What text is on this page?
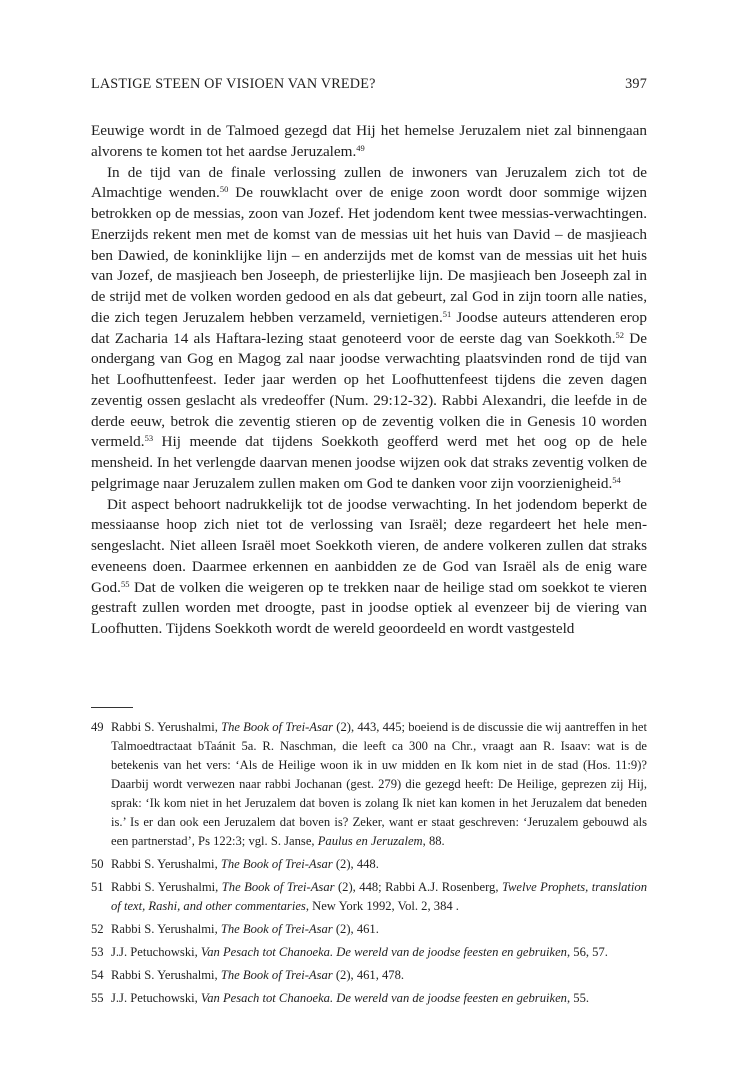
LASTIGE STEEN OF VISIOEN VAN VREDE?	397

Eeuwige wordt in de Talmoed gezegd dat Hij het hemelse Jeruzalem niet zal binnengaan alvorens te komen tot het aardse Jeruzalem.$^{49}$

In de tijd van de finale verlossing zullen de inwoners van Jeruzalem zich tot de Almachtige wenden.$^{50}$ De rouwklacht over de enige zoon wordt door sommige wijzen betrokken op de messias, zoon van Jozef. Het jodendom kent twee messias-verwachtingen. Enerzijds rekent men met de komst van de messias uit het huis van David – de masjieach ben Dawied, de koninklijke lijn – en anderzijds met de komst van de messias uit het huis van Jozef, de masjieach ben Joseeph, de priesterlijke lijn. De masjieach ben Joseeph zal in de strijd met de volken worden gedood en als dat gebeurt, zal God in zijn toorn alle naties, die zich tegen Jeruzalem hebben verzameld, vernietigen.$^{51}$ Joodse auteurs attenderen erop dat Zacharia 14 als Haftara-lezing staat genoteerd voor de eerste dag van Soekkoth.$^{52}$ De ondergang van Gog en Magog zal naar joodse verwachting plaatsvinden rond de tijd van het Loofhuttenfeest. Ieder jaar werden op het Loofhuttenfeest tijdens die zeven dagen zeventig ossen geslacht als vredeoffer (Num. 29:12-32). Rabbi Alexandri, die leefde in de derde eeuw, betrok die zeventig stieren op de zeventig volken die in Genesis 10 worden vermeld.$^{53}$ Hij meende dat tijdens Soekkoth geofferd werd met het oog op de hele mensheid. In het verlengde daarvan menen joodse wijzen ook dat straks zeventig volken de pelgrimage naar Jeruzalem zullen maken om God te danken voor zijn voorzienigheid.$^{54}$

Dit aspect behoort nadrukkelijk tot de joodse verwachting. In het jodendom beperkt de messiaanse hoop zich niet tot de verlossing van Israël; deze regardeert het hele mensengeslacht. Niet alleen Israël moet Soekkoth vieren, de andere volkeren zullen dat straks eveneens doen. Daarmee erkennen en aanbidden ze de God van Israël als de enig ware God.$^{55}$ Dat de volken die weigeren op te trekken naar de heilige stad om soekkot te vieren gestraft zullen worden met droogte, past in joodse optiek al evenzeer bij de viering van Loofhutten. Tijdens Soekkoth wordt de wereld geoordeeld en wordt vastgesteld

49 Rabbi S. Yerushalmi, The Book of Trei-Asar (2), 443, 445; boeiend is de discussie die wij aantreffen in het Talmoedtractaat bTaánit 5a. R. Naschman, die leeft ca 300 na Chr., vraagt aan R. Isaav: wat is de betekenis van het vers: ‘Als de Heilige woon ik in uw midden en Ik kom niet in de stad (Hos. 11:9)? Daarbij wordt verwezen naar rabbi Jochanan (gest. 279) die gezegd heeft: De Heilige, geprezen zij Hij, sprak: ‘Ik kom niet in het Jeruzalem dat boven is zolang Ik niet kan komen in het Jeruzalem dat beneden is.’ Is er dan ook een Jeruzalem dat boven is? Zeker, want er staat geschreven: ‘Jeruzalem gebouwd als een partnerstad’, Ps 122:3; vgl. S. Janse, Paulus en Jeruzalem, 88.
50 Rabbi S. Yerushalmi, The Book of Trei-Asar (2), 448.
51 Rabbi S. Yerushalmi, The Book of Trei-Asar (2), 448; Rabbi A.J. Rosenberg, Twelve Prophets, translation of text, Rashi, and other commentaries, New York 1992, Vol. 2, 384 .
52 Rabbi S. Yerushalmi, The Book of Trei-Asar (2), 461.
53 J.J. Petuchowski, Van Pesach tot Chanoeka. De wereld van de joodse feesten en gebruiken, 56, 57.
54 Rabbi S. Yerushalmi, The Book of Trei-Asar (2), 461, 478.
55 J.J. Petuchowski, Van Pesach tot Chanoeka. De wereld van de joodse feesten en gebruiken, 55.
